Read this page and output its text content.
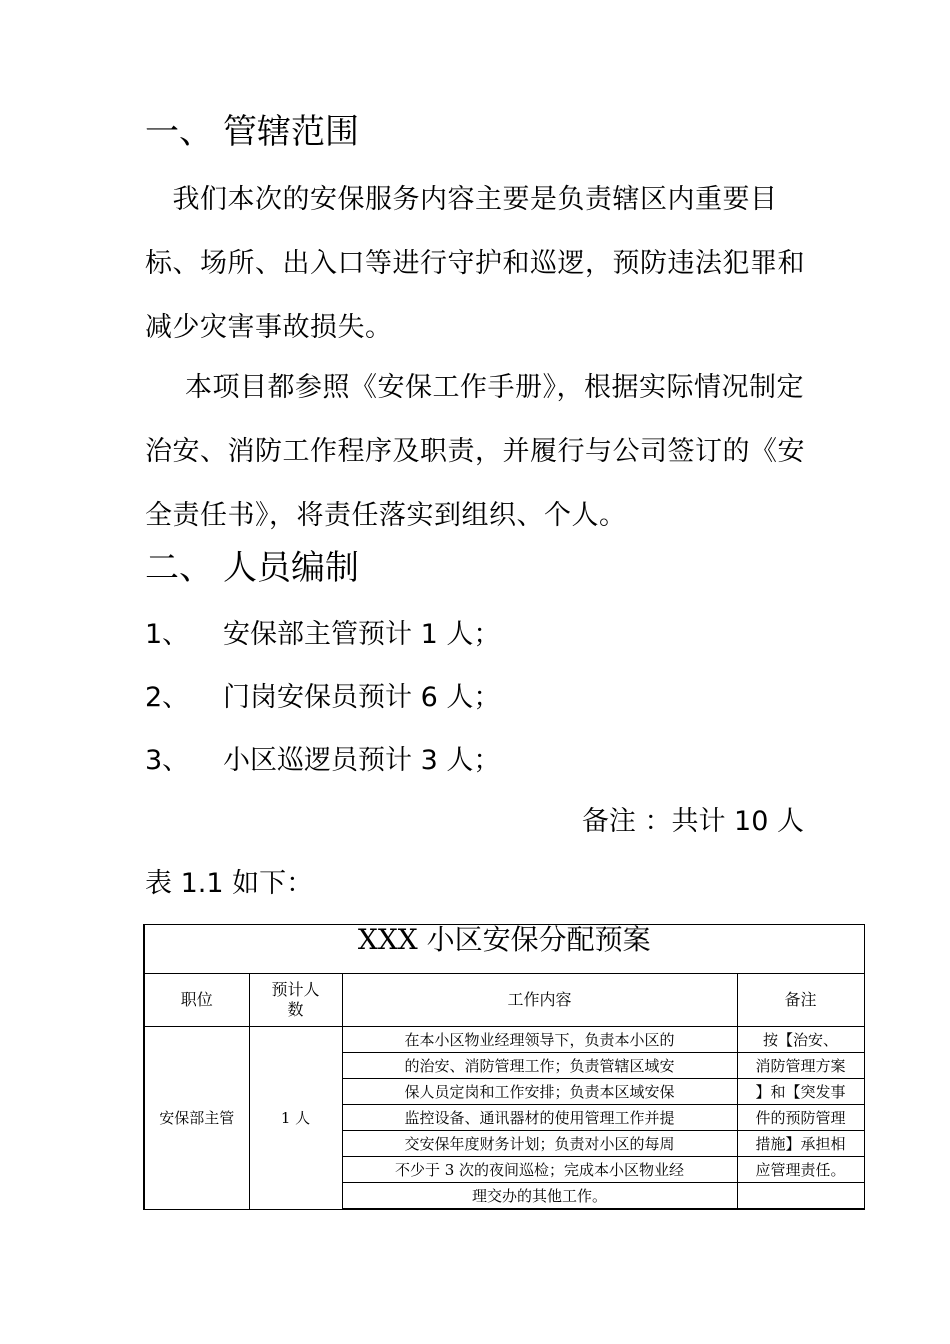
一、 管辖范围
　我们本次的安保服务内容主要是负责辖区内重要目标、场所、出入口等进行守护和巡逻，预防违法犯罪和减少灾害事故损失。
本项目都参照《安保工作手册》，根据实际情况制定治安、消防工作程序及职责，并履行与公司签订的《安全责任书》，将责任落实到组织、个人。
二、 人员编制
1、 安保部主管预计 1 人；
2、 门岗安保员预计 6 人；
3、 小区巡逻员预计 3 人；
备注 ：共计 10 人
表 1.1 如下：
XXX 小区安保分配预案			
职位	预计人数	工作内容	备注
安保部主管	1 人	在本小区物业经理领导下，负责本小区的	按【治安、
		的治安、消防管理工作；负责管辖区域安	消防管理方案
		保人员定岗和工作安排；负责本区域安保	】和【突发事
		监控设备、通讯器材的使用管理工作并提	件的预防管理
		交安保年度财务计划；负责对小区的每周	措施】承担相
		不少于 3 次的夜间巡检；完成本小区物业经	应管理责任。
		理交办的其他工作。	
